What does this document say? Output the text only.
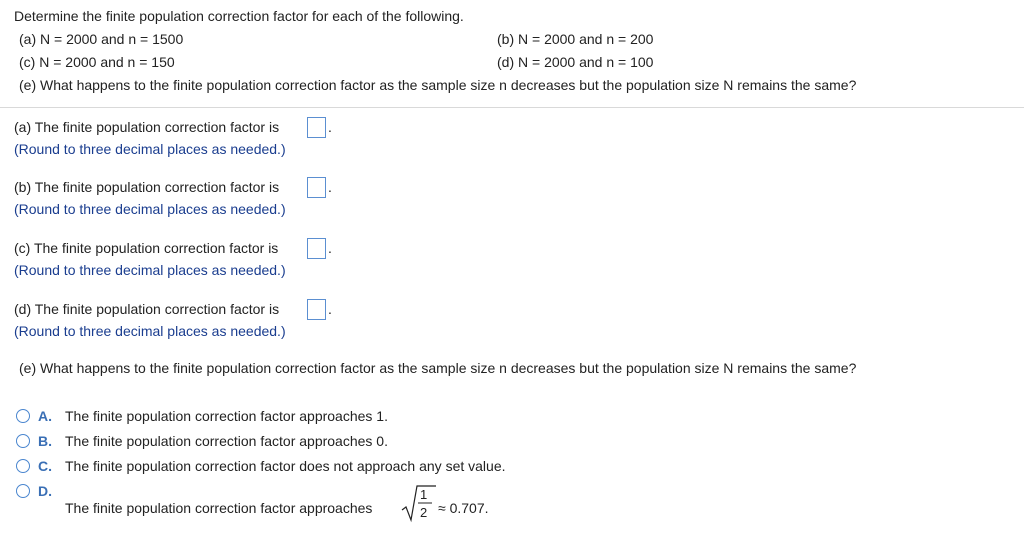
Determine the finite population correction factor for each of the following.
(a) N = 2000 and n = 1500	(b) N = 2000 and n = 200
(c) N = 2000 and n = 150	(d) N = 2000 and n = 100
(e) What happens to the finite population correction factor as the sample size n decreases but the population size N remains the same?
(a) The finite population correction factor is	.
(Round to three decimal places as needed.)
(b) The finite population correction factor is	.
(Round to three decimal places as needed.)
(c) The finite population correction factor is	.
(Round to three decimal places as needed.)
(d) The finite population correction factor is	.
(Round to three decimal places as needed.)
(e) What happens to the finite population correction factor as the sample size n decreases but the population size N remains the same?
A. The finite population correction factor approaches 1.
B. The finite population correction factor approaches 0.
C. The finite population correction factor does not approach any set value.
D.
The finite population correction factor approaches
1
2 ≈ 0.707.
